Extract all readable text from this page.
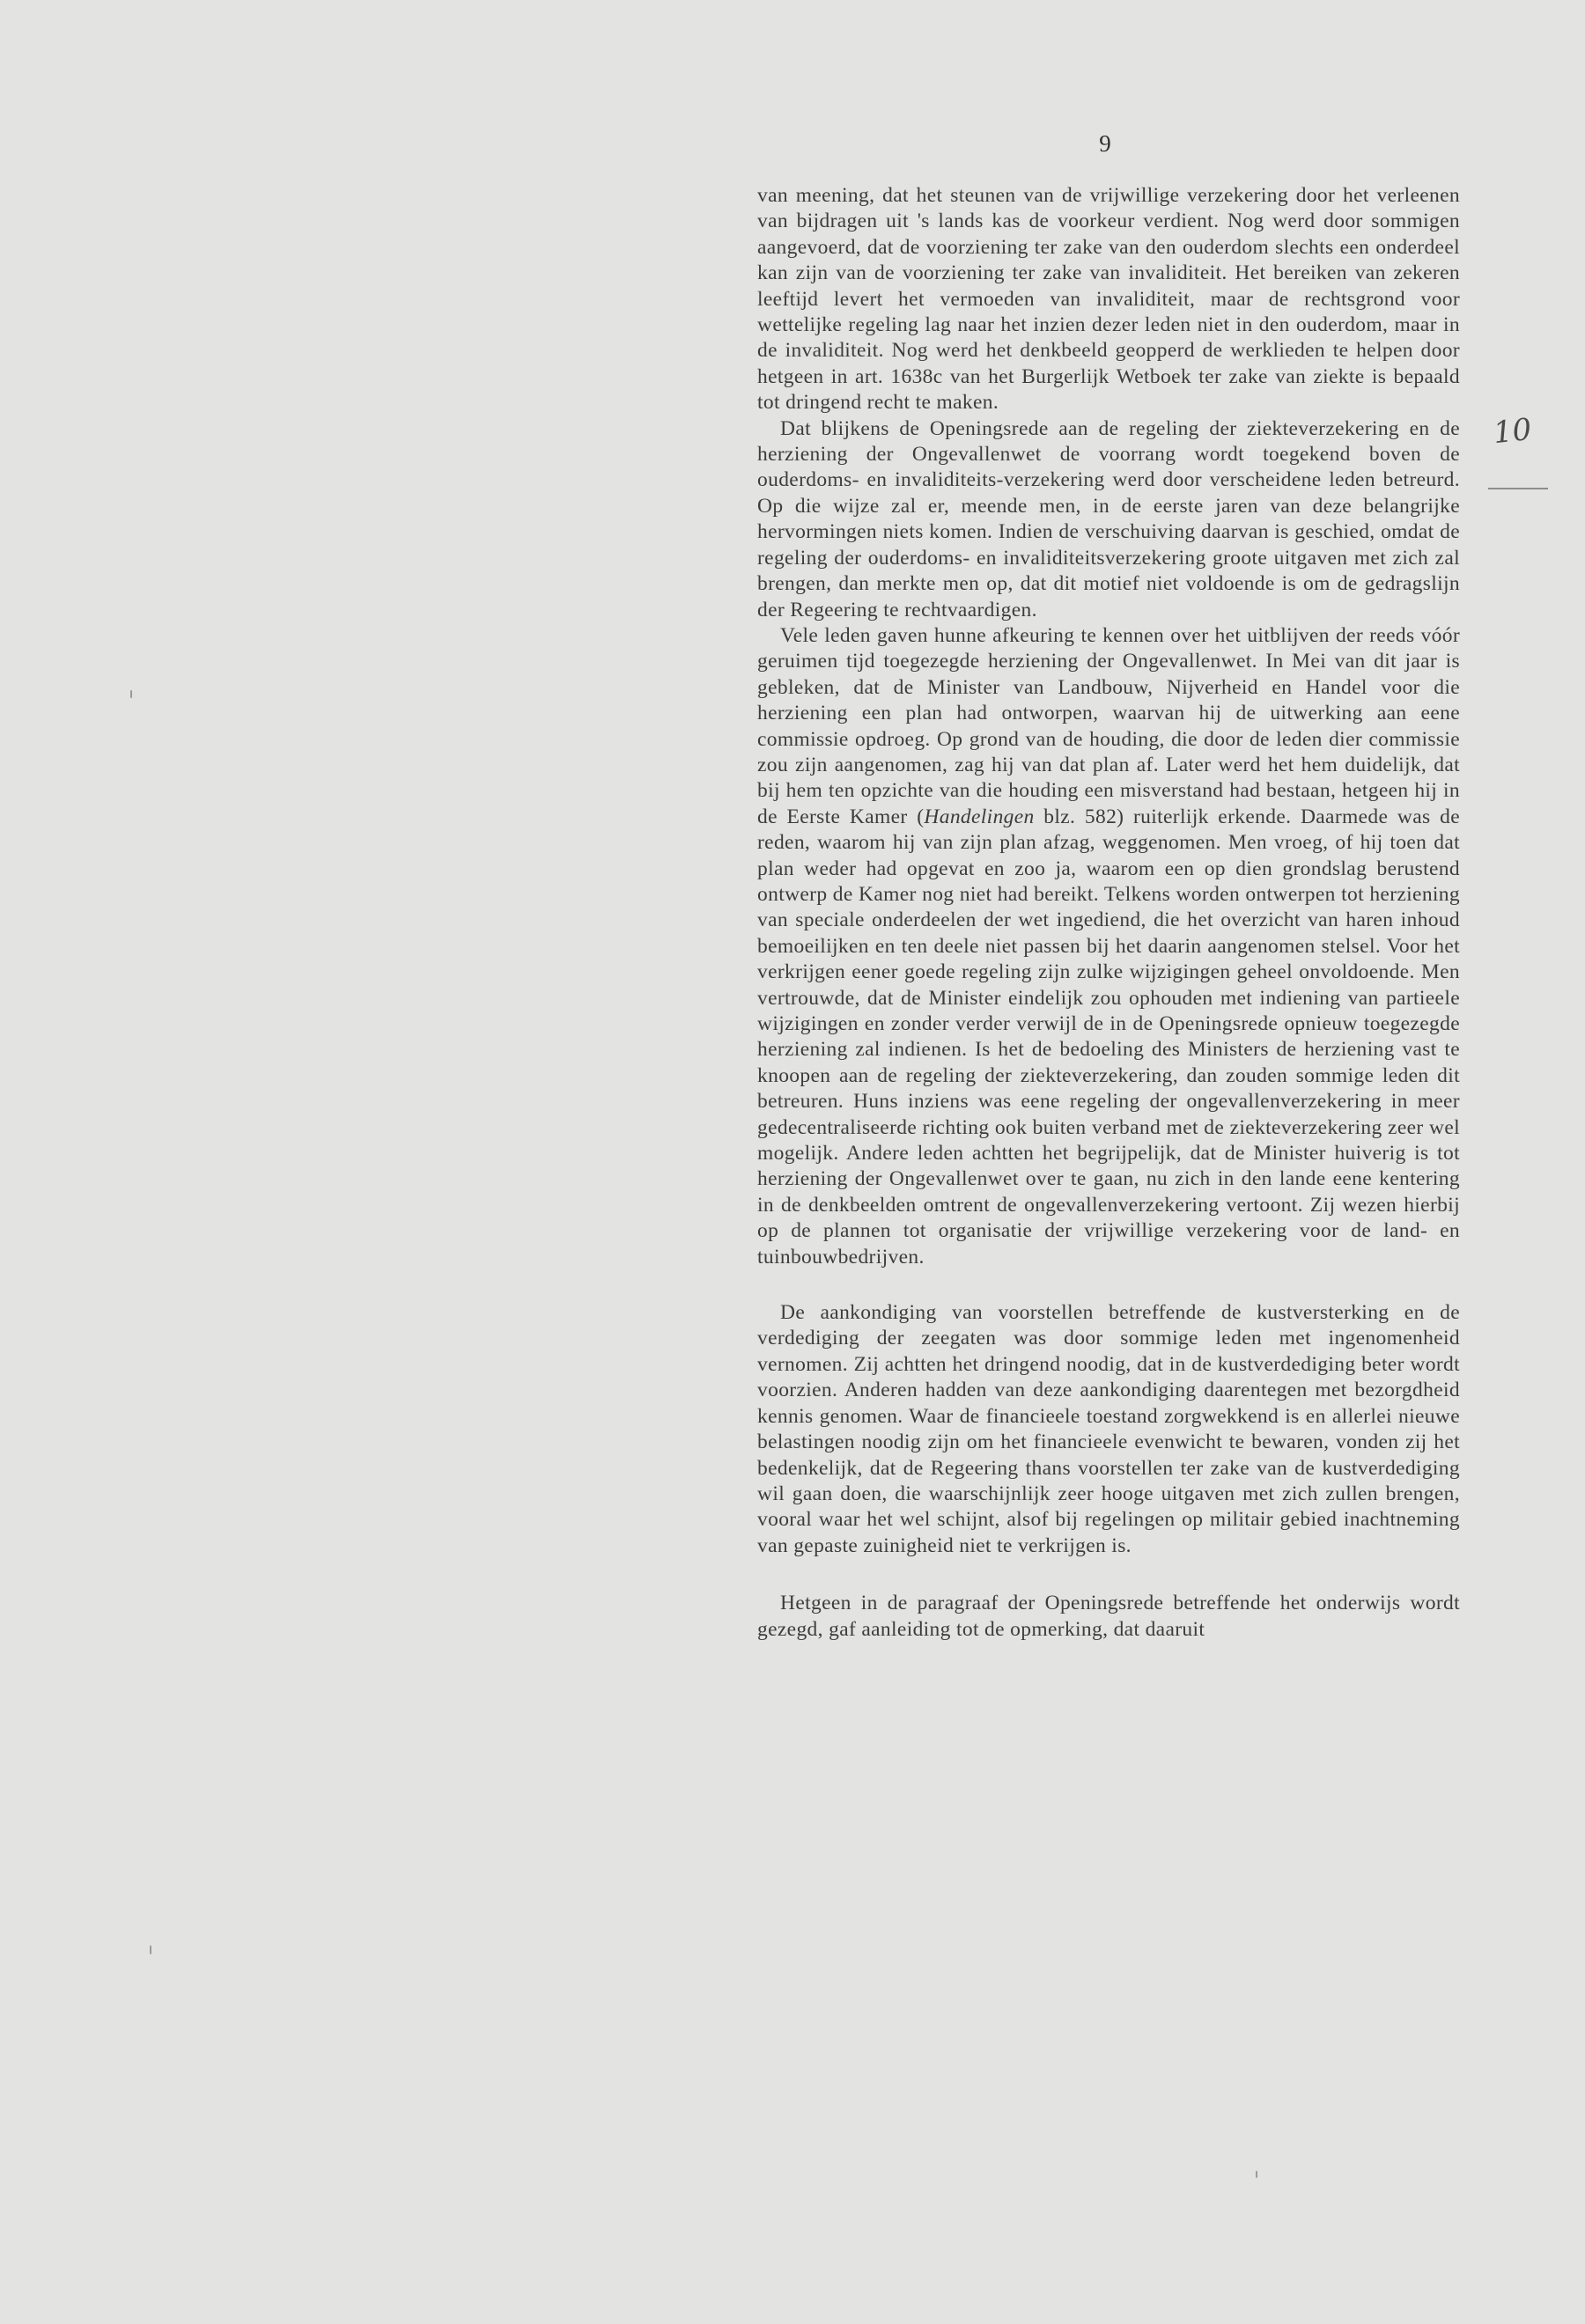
9

van meening, dat het steunen van de vrijwillige verzekering door het verleenen van bijdragen uit 's lands kas de voorkeur verdient. Nog werd door sommigen aangevoerd, dat de voorziening ter zake van den ouderdom slechts een onderdeel kan zijn van de voorziening ter zake van invaliditeit. Het bereiken van zekeren leeftijd levert het vermoeden van invaliditeit, maar de rechtsgrond voor wettelijke regeling lag naar het inzien dezer leden niet in den ouderdom, maar in de invaliditeit. Nog werd het denkbeeld geopperd de werklieden te helpen door hetgeen in art. 1638c van het Burgerlijk Wetboek ter zake van ziekte is bepaald tot dringend recht te maken.

Dat blijkens de Openingsrede aan de regeling der ziekteverzekering en de herziening der Ongevallenwet de voorrang wordt toegekend boven de ouderdoms- en invaliditeits-verzekering werd door verscheidene leden betreurd. Op die wijze zal er, meende men, in de eerste jaren van deze belangrijke hervormingen niets komen. Indien de verschuiving daarvan is geschied, omdat de regeling der ouderdoms- en invaliditeitsverzekering groote uitgaven met zich zal brengen, dan merkte men op, dat dit motief niet voldoende is om de gedragslijn der Regeering te rechtvaardigen.

Vele leden gaven hunne afkeuring te kennen over het uitblijven der reeds vóór geruimen tijd toegezegde herziening der Ongevallenwet. In Mei van dit jaar is gebleken, dat de Minister van Landbouw, Nijverheid en Handel voor die herziening een plan had ontworpen, waarvan hij de uitwerking aan eene commissie opdroeg. Op grond van de houding, die door de leden dier commissie zou zijn aangenomen, zag hij van dat plan af. Later werd het hem duidelijk, dat bij hem ten opzichte van die houding een misverstand had bestaan, hetgeen hij in de Eerste Kamer (Handelingen blz. 582) ruiterlijk erkende. Daarmede was de reden, waarom hij van zijn plan afzag, weggenomen. Men vroeg, of hij toen dat plan weder had opgevat en zoo ja, waarom een op dien grondslag berustend ontwerp de Kamer nog niet had bereikt. Telkens worden ontwerpen tot herziening van speciale onderdeelen der wet ingediend, die het overzicht van haren inhoud bemoeilijken en ten deele niet passen bij het daarin aangenomen stelsel. Voor het verkrijgen eener goede regeling zijn zulke wijzigingen geheel onvoldoende. Men vertrouwde, dat de Minister eindelijk zou ophouden met indiening van partieele wijzigingen en zonder verder verwijl de in de Openingsrede opnieuw toegezegde herziening zal indienen. Is het de bedoeling des Ministers de herziening vast te knoopen aan de regeling der ziekteverzekering, dan zouden sommige leden dit betreuren. Huns inziens was eene regeling der ongevallenverzekering in meer gedecentraliseerde richting ook buiten verband met de ziekteverzekering zeer wel mogelijk. Andere leden achtten het begrijpelijk, dat de Minister huiverig is tot herziening der Ongevallenwet over te gaan, nu zich in den lande eene kentering in de denkbeelden omtrent de ongevallenverzekering vertoont. Zij wezen hierbij op de plannen tot organisatie der vrijwillige verzekering voor de land- en tuinbouwbedrijven.

De aankondiging van voorstellen betreffende de kustversterking en de verdediging der zeegaten was door sommige leden met ingenomenheid vernomen. Zij achtten het dringend noodig, dat in de kustverdediging beter wordt voorzien. Anderen hadden van deze aankondiging daarentegen met bezorgdheid kennis genomen. Waar de financieele toestand zorgwekkend is en allerlei nieuwe belastingen noodig zijn om het financieele evenwicht te bewaren, vonden zij het bedenkelijk, dat de Regeering thans voorstellen ter zake van de kustverdediging wil gaan doen, die waarschijnlijk zeer hooge uitgaven met zich zullen brengen, vooral waar het wel schijnt, alsof bij regelingen op militair gebied inachtneming van gepaste zuinigheid niet te verkrijgen is.

Hetgeen in de paragraaf der Openingsrede betreffende het onderwijs wordt gezegd, gaf aanleiding tot de opmerking, dat daaruit

10
